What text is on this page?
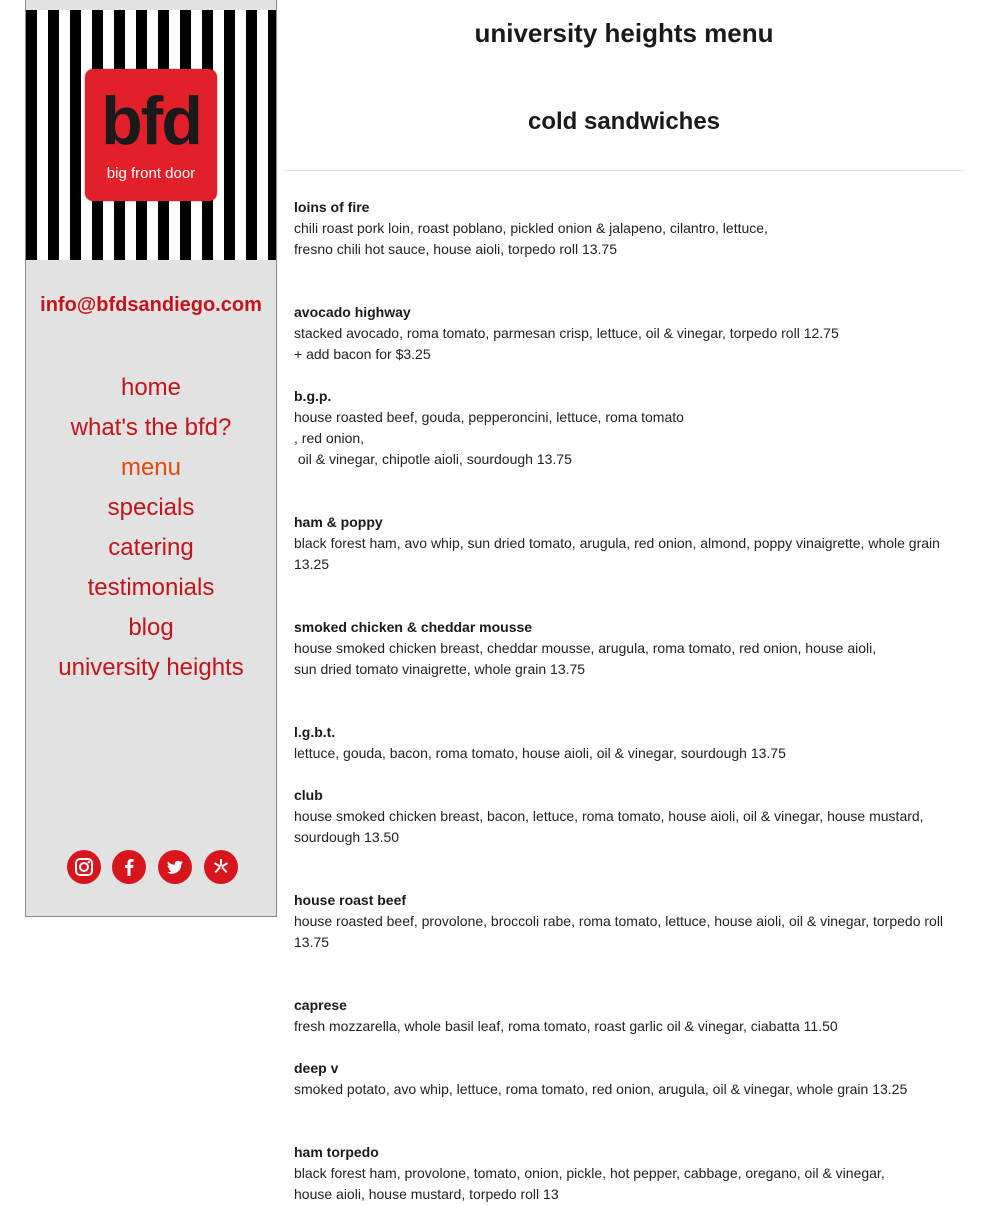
bfd
big front door
info@bfdsandiego.com
home
what's the bfd?
menu
specials
catering
testimonials
blog
university heights
university heights menu
cold sandwiches
loins of fire
chili roast pork loin, roast poblano, pickled onion & jalapeno, cilantro, lettuce,
fresno chili hot sauce, house aioli, torpedo roll 13.75
avocado highway
stacked avocado, roma tomato, parmesan crisp, lettuce, oil & vinegar, torpedo roll 12.75
+ add bacon for $3.25
b.g.p.
house roasted beef, gouda, pepperoncini, lettuce, roma tomato
, red onion,
oil & vinegar, chipotle aioli, sourdough 13.75
ham & poppy
black forest ham, avo whip, sun dried tomato, arugula, red onion, almond, poppy vinaigrette, whole grain
13.25
smoked chicken & cheddar mousse
house smoked chicken breast, cheddar mousse, arugula, roma tomato, red onion, house aioli,
sun dried tomato vinaigrette, whole grain 13.75
l.g.b.t.
lettuce, gouda, bacon, roma tomato, house aioli, oil & vinegar, sourdough 13.75
club
house smoked chicken breast, bacon, lettuce, roma tomato, house aioli, oil & vinegar, house mustard,
sourdough 13.50
house roast beef
house roasted beef, provolone, broccoli rabe, roma tomato, lettuce, house aioli, oil & vinegar, torpedo roll
13.75
caprese
fresh mozzarella, whole basil leaf, roma tomato, roast garlic oil & vinegar, ciabatta 11.50
deep v
smoked potato, avo whip, lettuce, roma tomato, red onion, arugula, oil & vinegar, whole grain 13.25
ham torpedo
black forest ham, provolone, tomato, onion, pickle, hot pepper, cabbage, oregano, oil & vinegar,
house aioli, house mustard, torpedo roll 13
